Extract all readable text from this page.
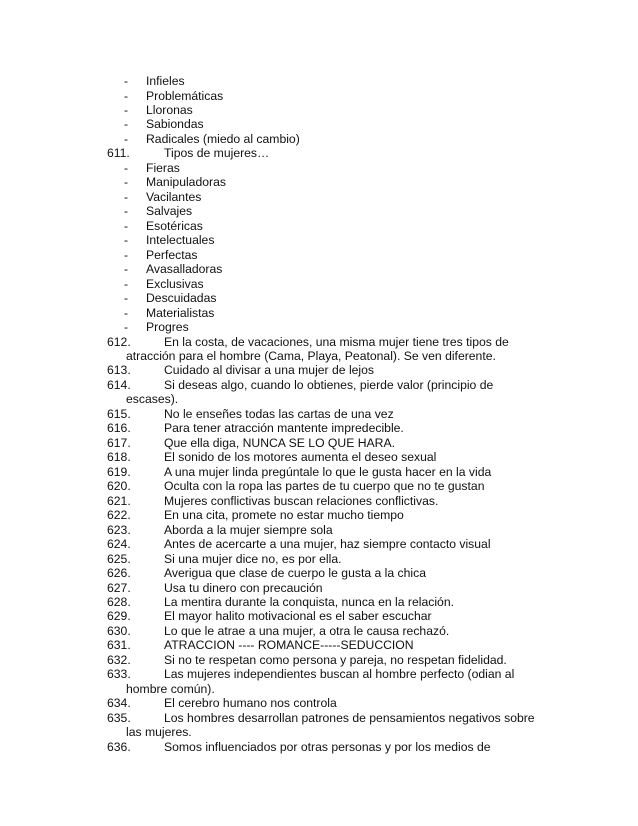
- Infieles
- Problemáticas
- Lloronas
- Sabiondas
- Radicales (miedo al cambio)
611.	Tipos de mujeres…
- Fieras
- Manipuladoras
- Vacilantes
- Salvajes
- Esotéricas
- Intelectuales
- Perfectas
- Avasalladoras
- Exclusivas
- Descuidadas
- Materialistas
- Progres
612.	En la costa, de vacaciones, una misma mujer tiene tres tipos de
atracción para el hombre (Cama, Playa, Peatonal). Se ven diferente.
613.	Cuidado al divisar a una mujer de lejos
614.	Si deseas algo, cuando lo obtienes, pierde valor (principio de
escases).
615.	No le enseñes todas las cartas de una vez
616.	Para tener atracción mantente impredecible.
617.	Que ella diga, NUNCA SE LO QUE HARA.
618.	El sonido de los motores aumenta el deseo sexual
619.	A una mujer linda pregúntale lo que le gusta hacer en la vida
620.	Oculta con la ropa las partes de tu cuerpo que no te gustan
621.	Mujeres conflictivas buscan relaciones conflictivas.
622.	En una cita, promete no estar mucho tiempo
623.	Aborda a la mujer siempre sola
624.	Antes de acercarte a una mujer, haz siempre contacto visual
625.	Si una mujer dice no, es por ella.
626.	Averigua que clase de cuerpo le gusta a la chica
627.	Usa tu dinero con precaución
628.	La mentira durante la conquista, nunca en la relación.
629.	El mayor halito motivacional es el saber escuchar
630.	Lo que le atrae a una mujer, a otra le causa rechazó.
631.	ATRACCION ---- ROMANCE-----SEDUCCION
632.	Si no te respetan como persona y pareja, no respetan fidelidad.
633.	Las mujeres independientes buscan al hombre perfecto (odian al
hombre común).
634.	El cerebro humano nos controla
635.	Los hombres desarrollan patrones de pensamientos negativos sobre
las mujeres.
636.	Somos influenciados por otras personas y por los medios de
